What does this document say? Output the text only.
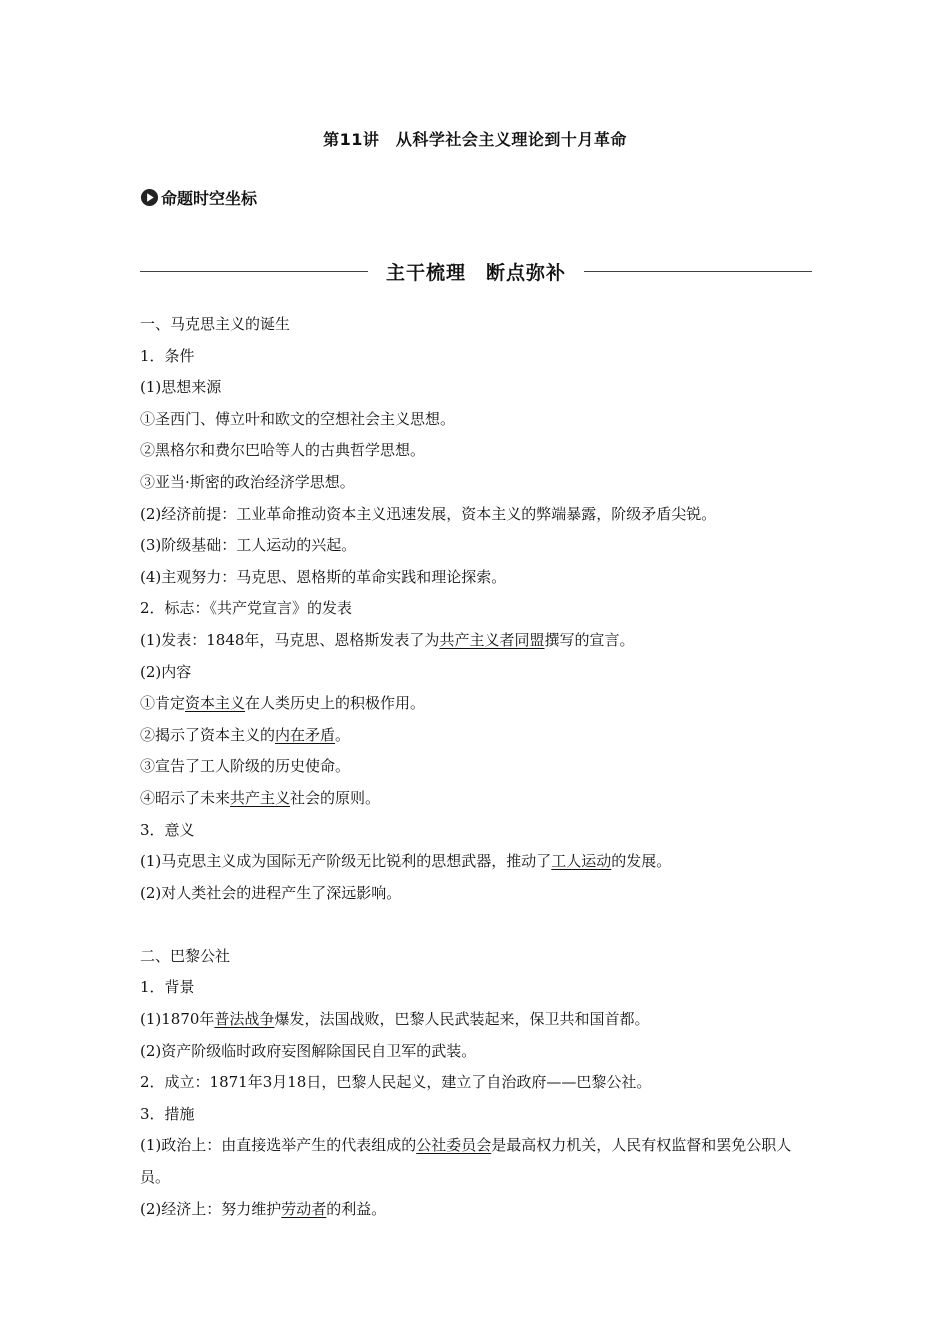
第11讲　从科学社会主义理论到十月革命
命题时空坐标
主干梳理　断点弥补

一、马克思主义的诞生

1．条件

(1)思想来源

①圣西门、傅立叶和欧文的空想社会主义思想。

②黑格尔和费尔巴哈等人的古典哲学思想。

③亚当·斯密的政治经济学思想。

(2)经济前提：工业革命推动资本主义迅速发展，资本主义的弊端暴露，阶级矛盾尖锐。

(3)阶级基础：工人运动的兴起。

(4)主观努力：马克思、恩格斯的革命实践和理论探索。

2．标志：《共产党宣言》的发表

(1)发表：1848年，马克思、恩格斯发表了为共产主义者同盟撰写的宣言。

(2)内容

①肯定资本主义在人类历史上的积极作用。

②揭示了资本主义的内在矛盾。

③宣告了工人阶级的历史使命。

④昭示了未来共产主义社会的原则。

3．意义

(1)马克思主义成为国际无产阶级无比锐利的思想武器，推动了工人运动的发展。

(2)对人类社会的进程产生了深远影响。

二、巴黎公社

1．背景

(1)1870年普法战争爆发，法国战败，巴黎人民武装起来，保卫共和国首都。

(2)资产阶级临时政府妄图解除国民自卫军的武装。

2．成立：1871年3月18日，巴黎人民起义，建立了自治政府——巴黎公社。

3．措施

(1)政治上：由直接选举产生的代表组成的公社委员会是最高权力机关，人民有权监督和罢免公职人员。

(2)经济上：努力维护劳动者的利益。
